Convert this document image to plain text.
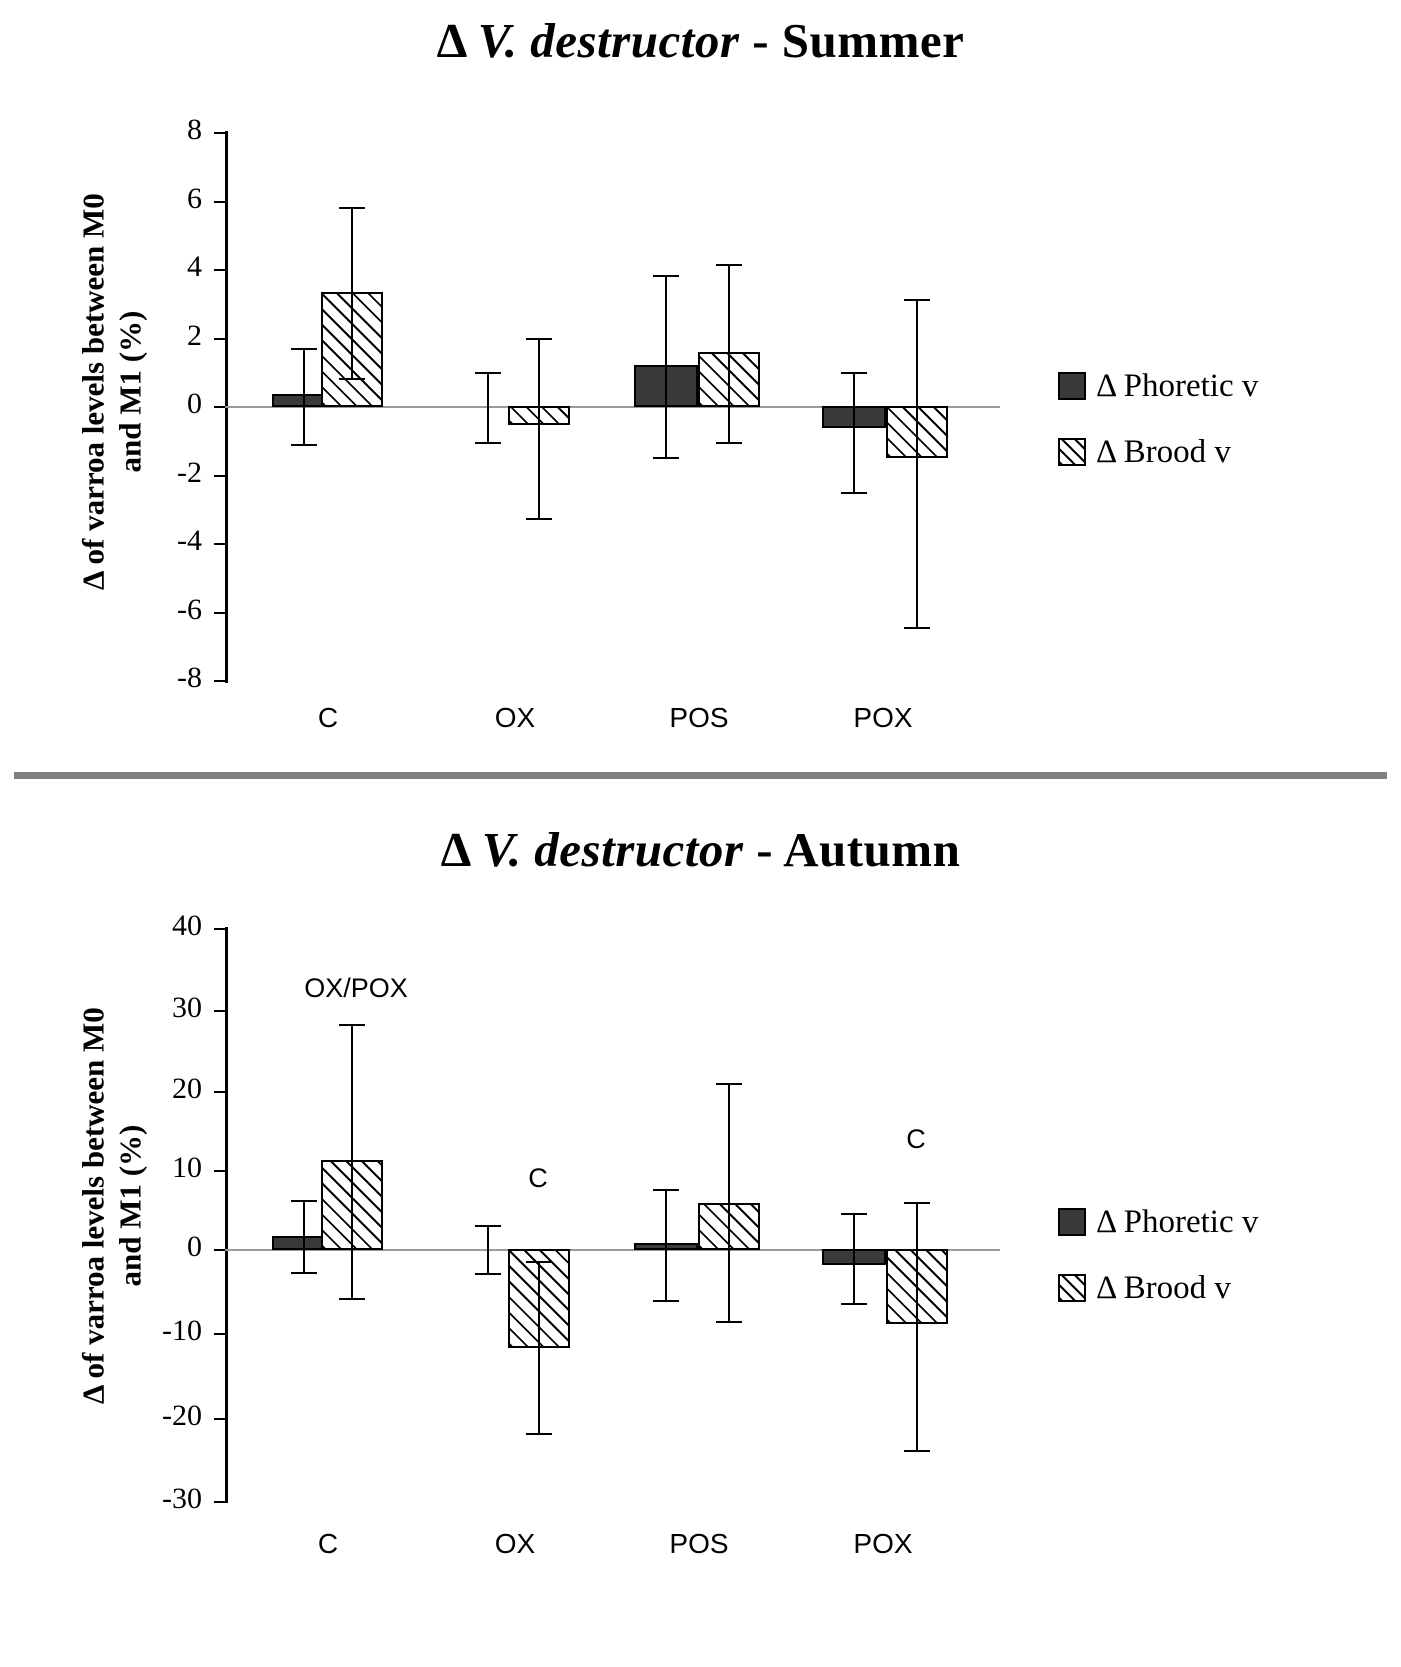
Δ V. destructor - Summer
Δ of varroa levels between M0
and M1 (%)
8
6
4
2
0
-2
-4
-6
-8
C	OX	POS	POX
Δ Phoretic v
Δ Brood v
Δ V. destructor - Autumn
Δ of varroa levels between M0
and M1 (%)
40
30
20
10
0
-10
-20
-30
OX/POX
C
C
OX	POS
C
POX
Δ Phoretic v
Δ Brood v
